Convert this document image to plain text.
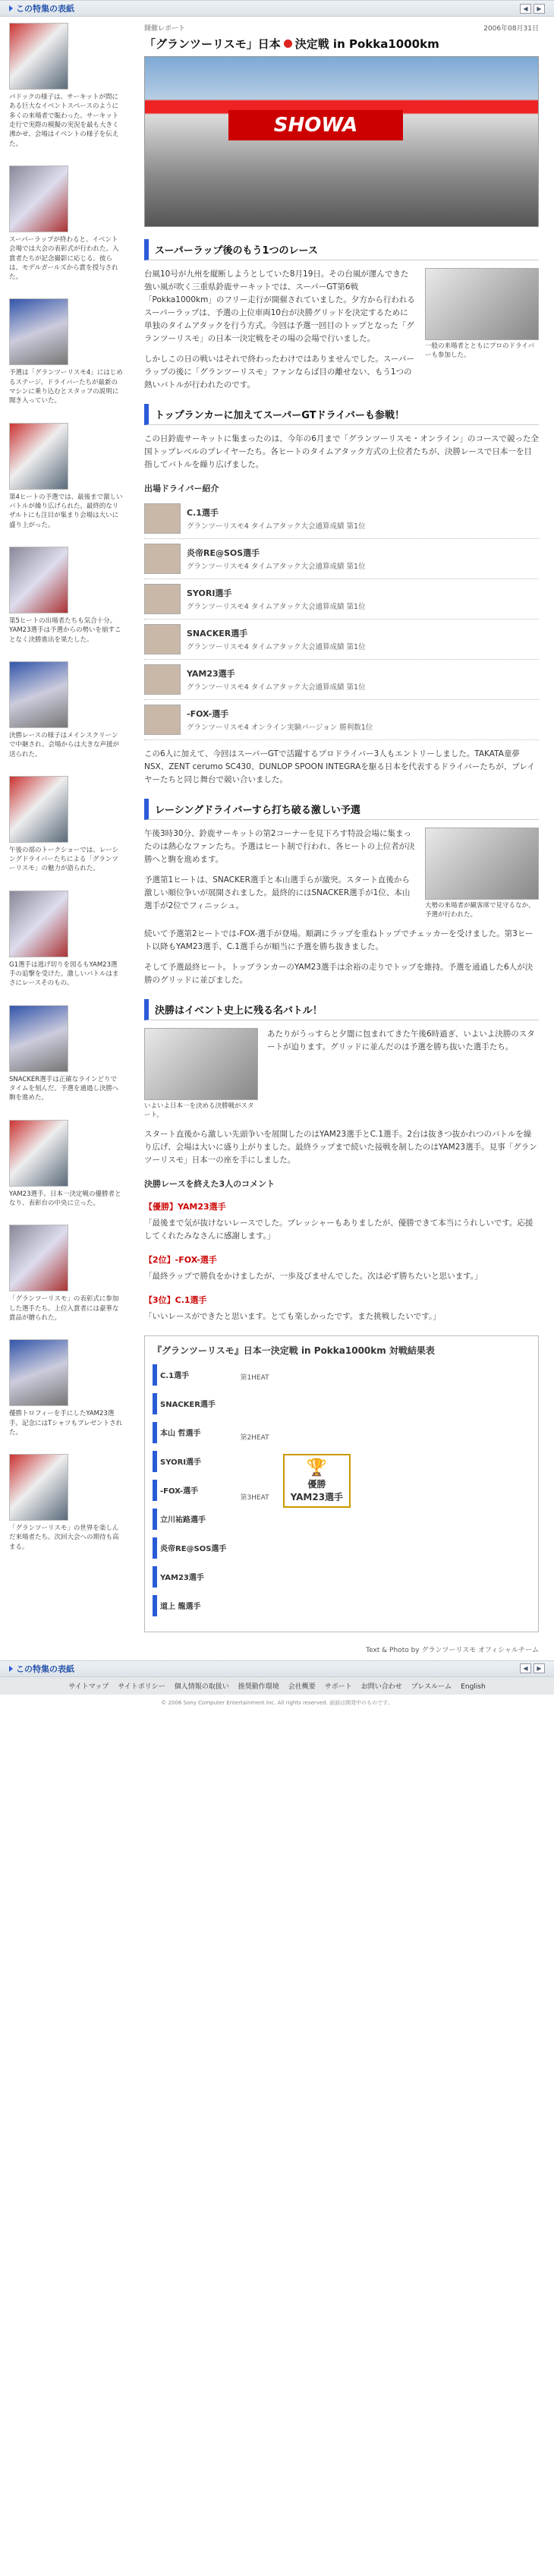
この特集の表紙	◀	▶
パドックの様子は、サーキットが間にある巨大なイベントスペースのように多くの来場者で賑わった。サーキット走行で実際の模擬の実況を最も大きく沸かせ、会場はイベントの様子を伝えた。
スーパーラップが終わると、イベント会場では大会の表彰式が行われた。入賞者たちが記念撮影に応じる。彼らは、モデルガールズから賞を授与された。
予選は「グランツーリスモ4」にはじめるステージ、ドライバーたちが最新のマシンに乗り込むとスタッフの説明に聞き入っていた。
第4ヒートの予選では、最後まで激しいバトルが繰り広げられた。最終的なリザルトにも注目が集まり会場は大いに盛り上がった。
第5ヒートの出場者たちも気合十分。YAM23選手は予選からの勢いを崩すことなく決勝進出を果たした。
決勝レースの様子はメインスクリーンで中継され、会場からは大きな声援が送られた。
午後の部のトークショーでは、レーシングドライバーたちによる「グランツーリスモ」の魅力が語られた。
G1選手は逃げ切りを図るもYAM23選手の追撃を受けた。激しいバトルはまさにレースそのもの。
SNACKER選手は正確なラインどりでタイムを刻んだ。予選を通過し決勝へ駒を進めた。
YAM23選手。日本一決定戦の優勝者となり、表彰台の中央に立った。
「グランツーリスモ」の表彰式に参加した選手たち。上位入賞者には豪華な賞品が贈られた。
優勝トロフィーを手にしたYAM23選手。記念にはTシャツもプレゼントされた。
「グランツーリスモ」の世界を楽しんだ来場者たち。次回大会への期待も高まる。
開催レポート	2006年08月31日
「グランツーリスモ」日本 決定戦 in Pokka1000km
SHOWA
スーパーラップ後のもう1つのレース

台風10号が九州を縦断しようとしていた8月19日。その台風が運んできた強い風が吹く三重県鈴鹿サーキットでは、スーパーGT第6戦「Pokka1000km」のフリー走行が開催されていました。夕方から行われるスーパーラップは、予選の上位車両10台が決勝グリッドを決定するために単独のタイムアタックを行う方式。今回は予選一回目のトップとなった「グランツーリスモ」の日本一決定戦をその場の会場で行いました。

しかしこの日の戦いはそれで終わったわけではありませんでした。スーパーラップの後に「グランツーリスモ」ファンならば目の離せない、もう1つの熱いバトルが行われたのです。

一般の来場者とともにプロのドライバーも参加した。
トップランカーに加えてスーパーGTドライバーも参戦！

この日鈴鹿サーキットに集まったのは、今年の6月まで「グランツーリスモ・オンライン」のコースで競った全国トップレベルのプレイヤーたち。各ヒートのタイムアタック方式の上位者たちが、決勝レースで日本一を目指してバトルを繰り広げました。

出場ドライバー紹介
C.1選手
グランツーリスモ4 タイムアタック大会通算成績 第1位
炎帝RE@SOS選手
グランツーリスモ4 タイムアタック大会通算成績 第1位
SYORI選手
グランツーリスモ4 タイムアタック大会通算成績 第1位
SNACKER選手
グランツーリスモ4 タイムアタック大会通算成績 第1位
YAM23選手
グランツーリスモ4 タイムアタック大会通算成績 第1位
-FOX-選手
グランツーリスモ4 オンライン実験バージョン 勝利数1位

この6人に加えて、今回はスーパーGTで活躍するプロドライバー3人もエントリーしました。TAKATA童夢NSX、ZENT cerumo SC430、DUNLOP SPOON INTEGRAを駆る日本を代表するドライバーたちが、プレイヤーたちと同じ舞台で競い合いました。

レーシングドライバーすら打ち破る激しい予選

午後3時30分、鈴鹿サーキットの第2コーナーを見下ろす特設会場に集まったのは熱心なファンたち。予選はヒート制で行われ、各ヒートの上位者が決勝へと駒を進めます。

予選第1ヒートは、SNACKER選手と本山選手らが激突。スタート直後から激しい順位争いが展開されました。最終的にはSNACKER選手が1位、本山選手が2位でフィニッシュ。	大勢の来場者が観客席で見守るなか、予選が行われた。

続いて予選第2ヒートでは-FOX-選手が登場。順調にラップを重ねトップでチェッカーを受けました。第3ヒート以降もYAM23選手、C.1選手らが順当に予選を勝ち抜きました。

そして予選最終ヒート。トップランカーのYAM23選手は余裕の走りでトップを維持。予選を通過した6人が決勝のグリッドに並びました。

決勝はイベント史上に残る名バトル！
いよいよ日本一を決める決勝戦がスタート。

あたりがうっすらと夕闇に包まれてきた午後6時過ぎ、いよいよ決勝のスタートが迫ります。グリッドに並んだのは予選を勝ち抜いた選手たち。

スタート直後から激しい先頭争いを展開したのはYAM23選手とC.1選手。2台は抜きつ抜かれつのバトルを繰り広げ、会場は大いに盛り上がりました。最終ラップまで続いた接戦を制したのはYAM23選手。見事「グランツーリスモ」日本一の座を手にしました。

決勝レースを終えた3人のコメント
【優勝】YAM23選手

「最後まで気が抜けないレースでした。プレッシャーもありましたが、優勝できて本当にうれしいです。応援してくれたみなさんに感謝します。」

【2位】-FOX-選手

「最終ラップで勝負をかけましたが、一歩及びませんでした。次は必ず勝ちたいと思います。」

【3位】C.1選手

「いいレースができたと思います。とても楽しかったです。また挑戦したいです。」

『グランツーリスモ』日本一決定戦 in Pokka1000km 対戦結果表
C.1選手
SNACKER選手
本山 哲選手
SYORI選手
-FOX-選手
立川祐路選手
炎帝RE@SOS選手
YAM23選手
道上 龍選手
第1HEAT
第2HEAT
第3HEAT
🏆
優勝
YAM23選手
Text & Photo by グランツーリスモ オフィシャルチーム
この特集の表紙	◀	▶
サイトマップ サイトポリシー 個人情報の取扱い 推奨動作環境 会社概要 サポート お問い合わせ プレスルーム English
© 2006 Sony Computer Entertainment Inc. All rights reserved. 画面は開発中のものです。
